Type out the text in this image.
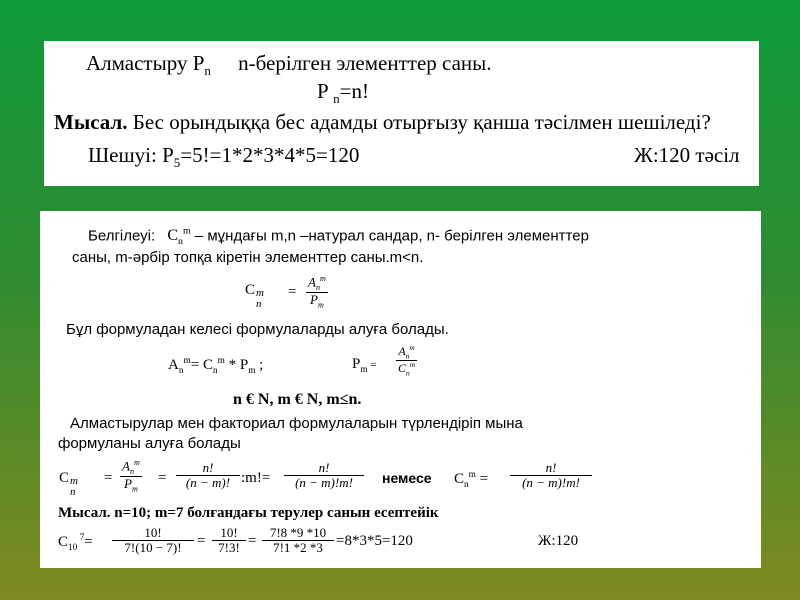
Алмастыру $P_n$ n-берілген элементтер саны.
P $_n$=n!
Мысал. Бес орындыққа бес адамды отырғызу қанша тәсілмен шешіледі?
Шешуі: $P_5=5!=1*2*3*4*5=120$	Ж:120 тәсіл
Белгілеуі: $C_n^m$ – мұндағы m,n –натурал сандар, n- берілген элементтер
саны, m-әрбір топқа кіретін элементтер саны.m<n.
C m
n
=
$A_n^m$
$P_m$
Бұл формуладан келесі формулаларды алуға болады.
$A_n^m= C_n^m * P_m$ ;	$P_m$ =
$A_n^m$
$C_n^m$
n € N, m € N, m≤n.
Алмастырулар мен факториал формулаларын түрлендіріп мына
формуланы алуға болады
C m
n
=
$A_n^m$
$P_m$
= $\frac{n!}{(n - m)!}$ :m!= $\frac{n!}{(n - m)!m!}$ немесе $C_n^m = \frac{n!}{(n - m)!m!}$
Мысал. n=10; m=7 болғандағы терулер санын есептейік
$C_{10}$ $^7= \frac{10!}{7!(10 - 7)!} = \frac{10!}{7!3!} = \frac{7!8 *9 *10}{7!1 *2 *3} =8*3*5=120$	Ж:120
